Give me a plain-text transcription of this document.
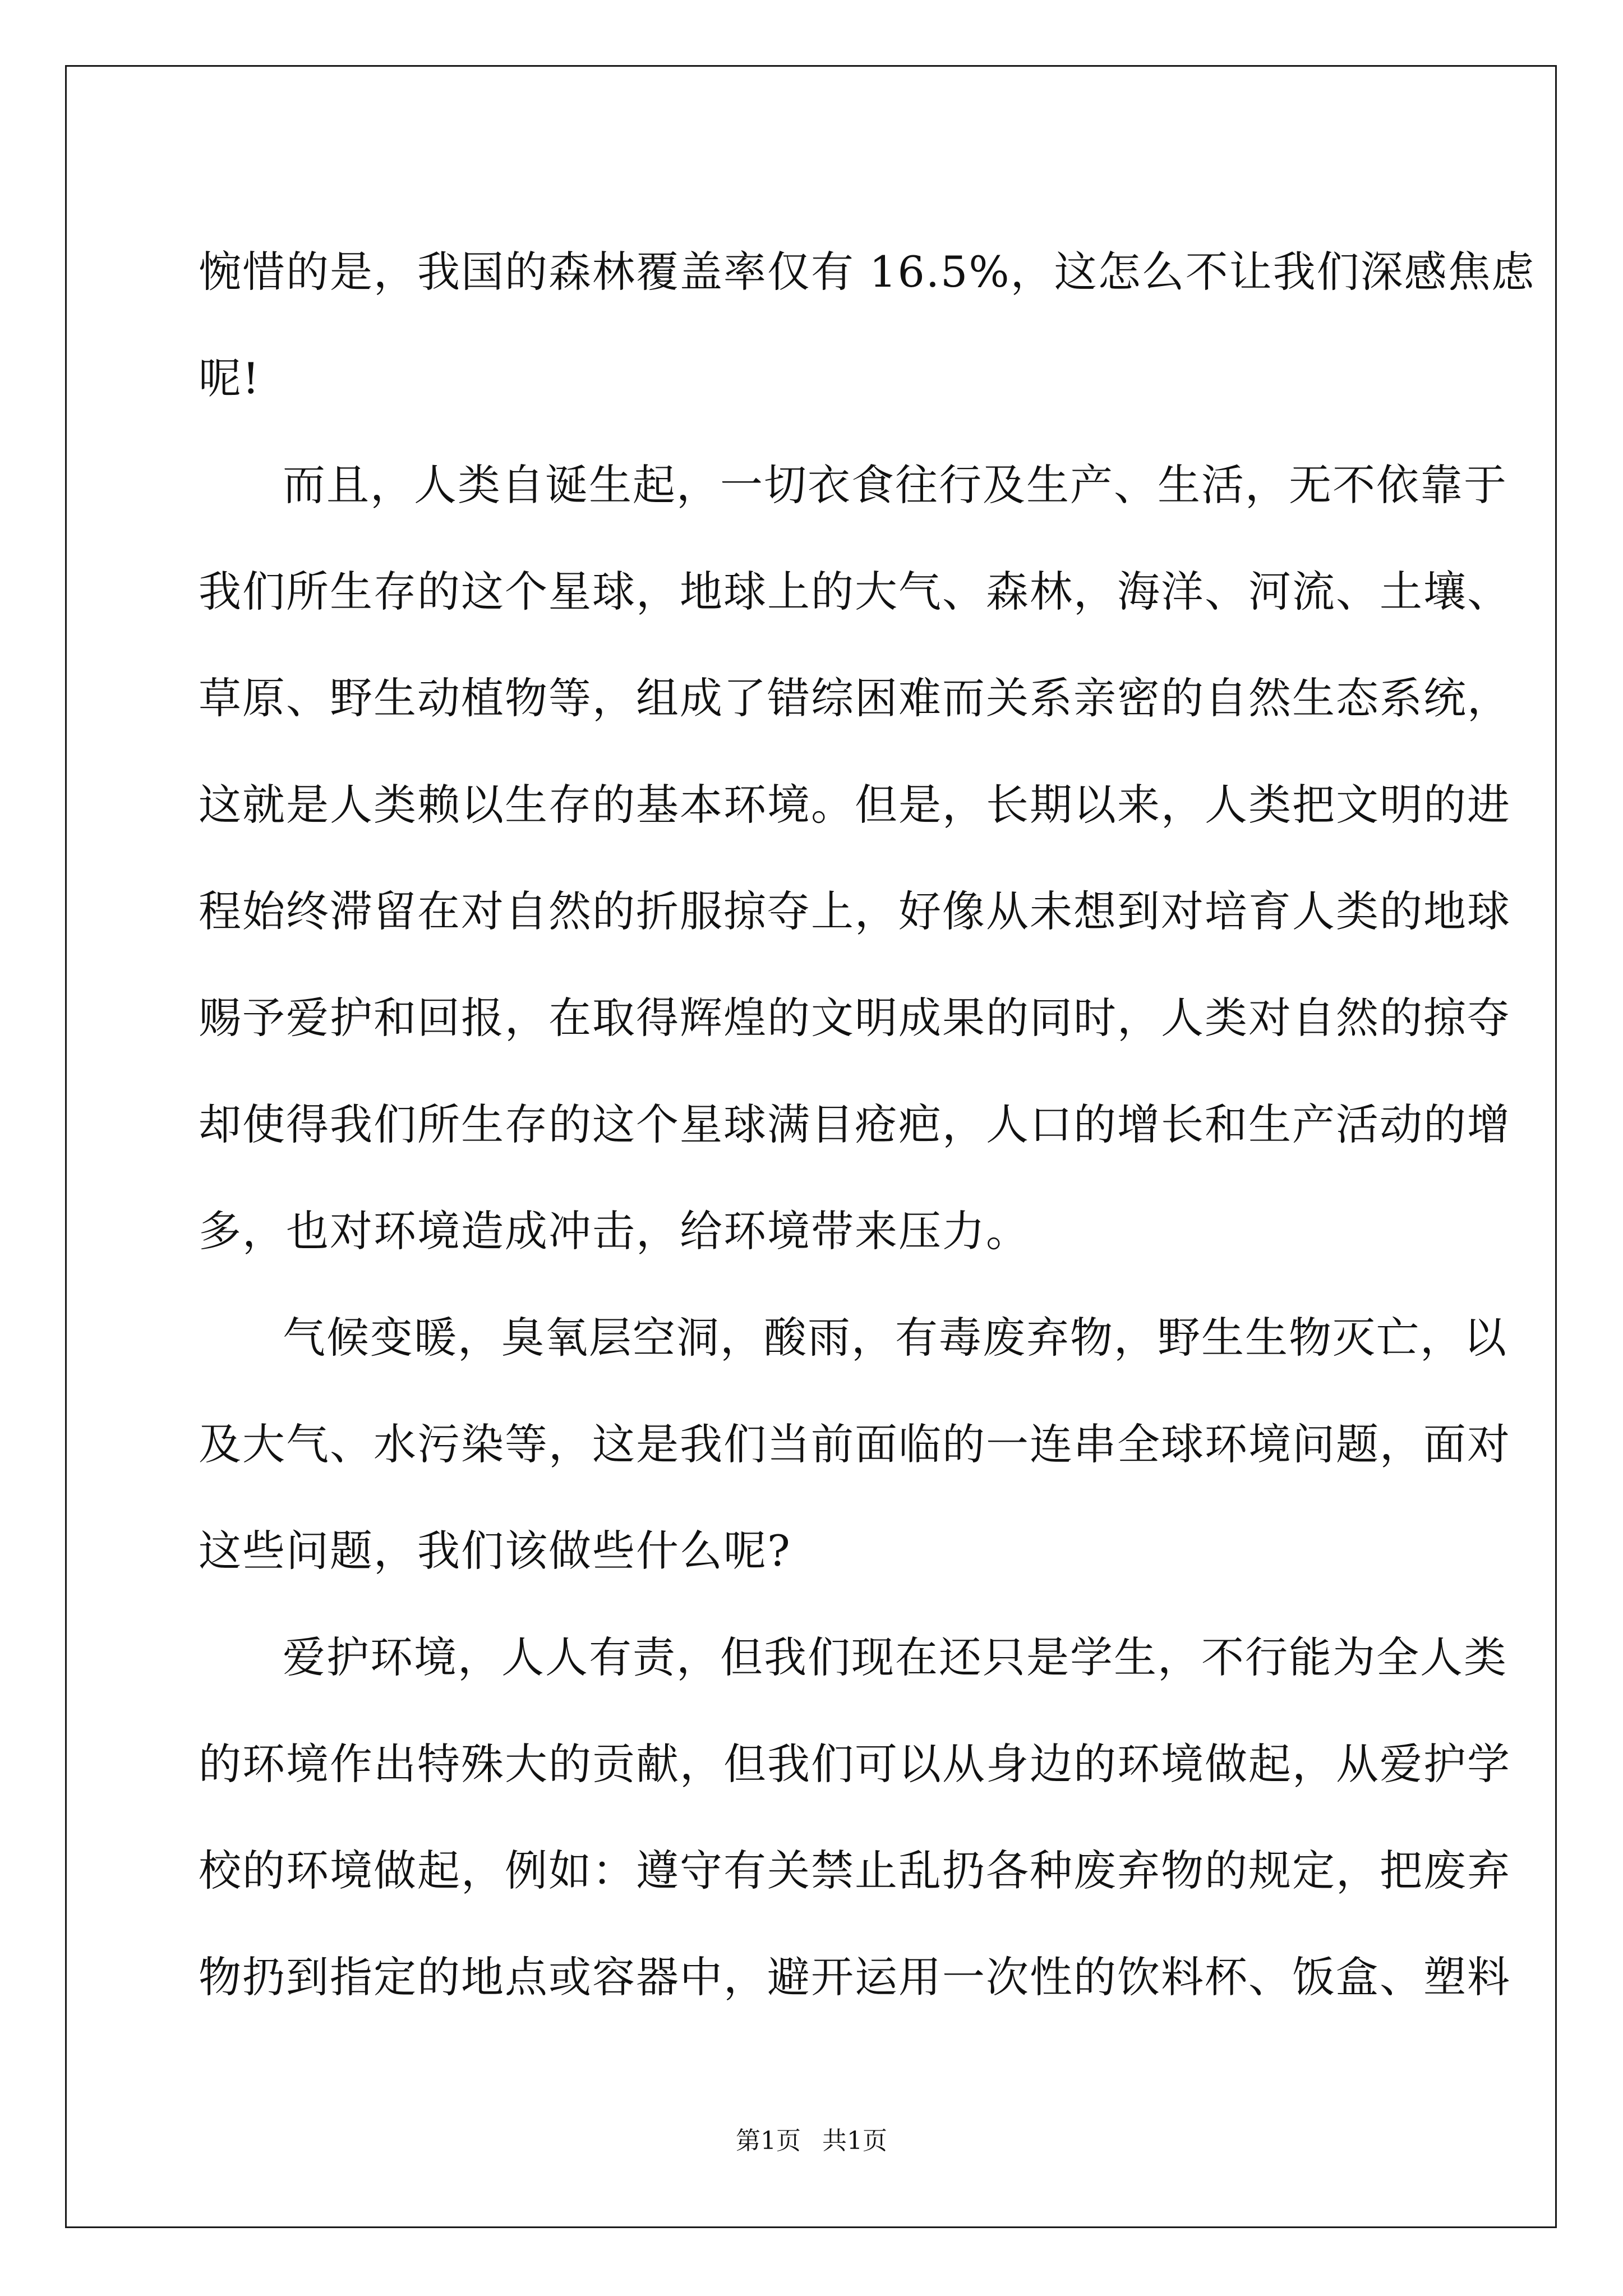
惋惜的是，我国的森林覆盖率仅有 16.5%，这怎么不让我们深感焦虑
呢!
而且，人类自诞生起，一切衣食往行及生产、生活，无不依靠于
我们所生存的这个星球，地球上的大气、森林，海洋、河流、土壤、
草原、野生动植物等，组成了错综困难而关系亲密的自然生态系统，
这就是人类赖以生存的基本环境。但是，长期以来，人类把文明的进
程始终滞留在对自然的折服掠夺上，好像从未想到对培育人类的地球
赐予爱护和回报，在取得辉煌的文明成果的同时，人类对自然的掠夺
却使得我们所生存的这个星球满目疮疤，人口的增长和生产活动的增
多，也对环境造成冲击，给环境带来压力。
气候变暖，臭氧层空洞，酸雨，有毒废弃物，野生生物灭亡，以
及大气、水污染等，这是我们当前面临的一连串全球环境问题，面对
这些问题，我们该做些什么呢?
爱护环境，人人有责，但我们现在还只是学生，不行能为全人类
的环境作出特殊大的贡献，但我们可以从身边的环境做起，从爱护学
校的环境做起，例如：遵守有关禁止乱扔各种废弃物的规定，把废弃
物扔到指定的地点或容器中，避开运用一次性的饮料杯、饭盒、塑料
第1页 共1页
